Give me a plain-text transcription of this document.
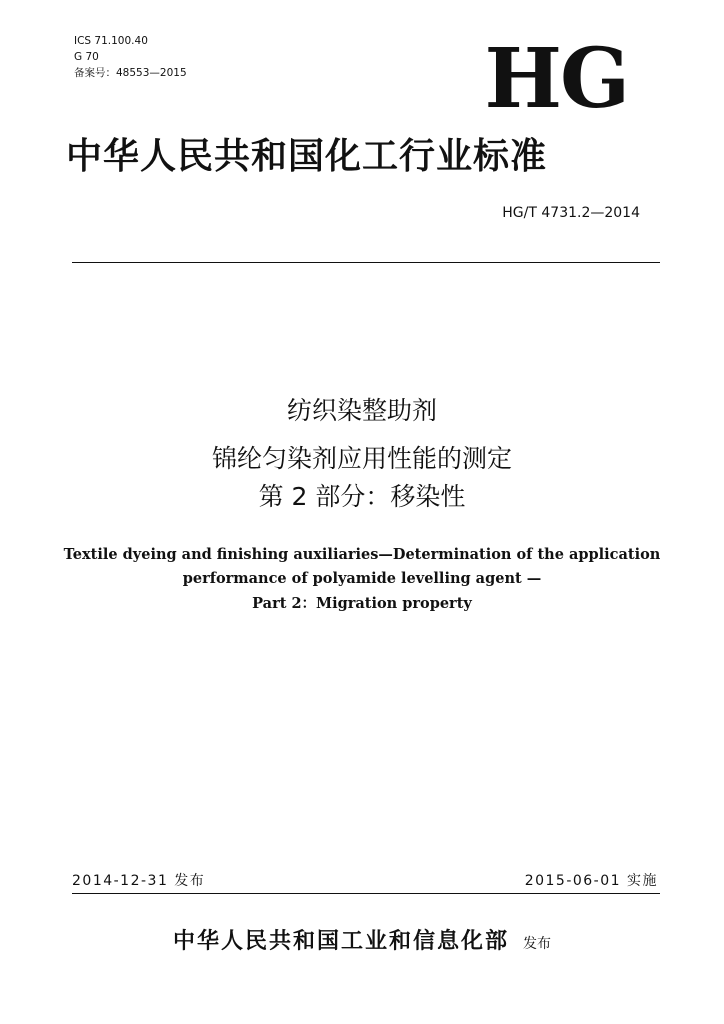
ICS 71.100.40
G 70
备案号：48553—2015	HG
中华人民共和国化工行业标准
HG/T 4731.2—2014
纺织染整助剂
锦纶匀染剂应用性能的测定
第 2 部分：移染性
Textile dyeing and finishing auxiliaries—Determination of the application
performance of polyamide levelling agent —
Part 2：Migration property
2014-12-31 发布	2015-06-01 实施
中华人民共和国工业和信息化部 发布
